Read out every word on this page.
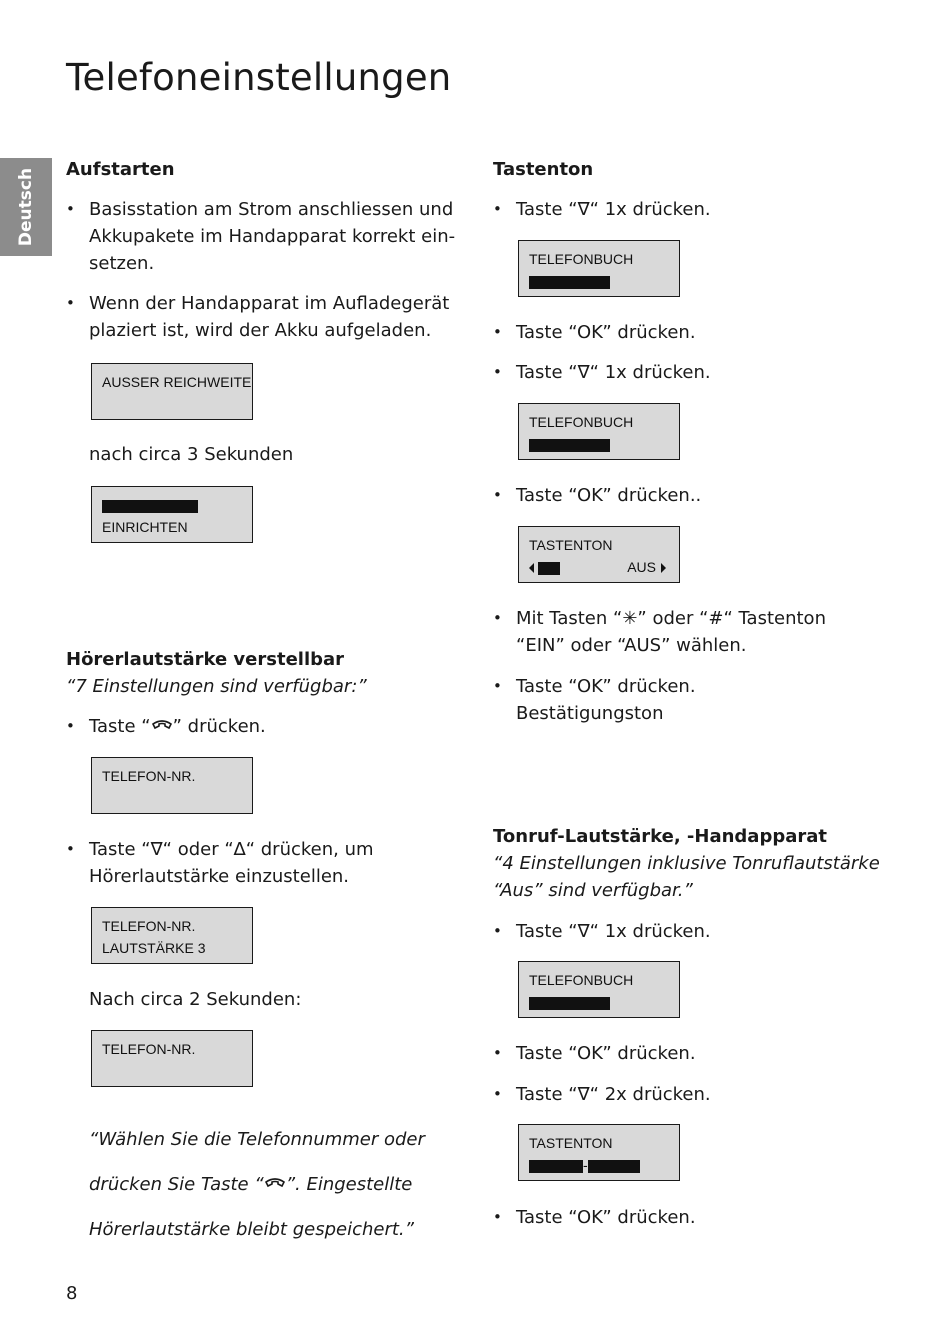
Telefoneinstellungen
Deutsch Aufstarten
• Basisstation am Strom anschliessen und
Akkupakete im Handapparat korrekt ein-
setzen.
• Wenn der Handapparat im Aufladegerät
plaziert ist, wird der Akku aufgeladen.
AUSSER REICHWEITE

nach circa 3 Sekunden

EINRICHTEN
Hörerlautstärke verstellbar

“7 Einstellungen sind verfügbar:”

• Taste “ ” drücken.
TELEFON-NR.
• Taste “∇“ oder “∆“ drücken, um
Hörerlautstärke einzustellen.
TELEFON-NR.
LAUTSTÄRKE 3

Nach circa 2 Sekunden:

TELEFON-NR.

“Wählen Sie die Telefonnummer oder

drücken Sie Taste “ ”. Eingestellte

Hörerlautstärke bleibt gespeichert.”

Tastenton
• Taste “∇“ 1x drücken.
TELEFONBUCH
• Taste “OK” drücken.
• Taste “∇“ 1x drücken.
TELEFONBUCH
• Taste “OK” drücken..
TASTENTON
AUS
• Mit Tasten “✳” oder “#“ Tastenton
“EIN” oder “AUS” wählen.
• Taste “OK” drücken.
Bestätigungston
Tonruf-Lautstärke, -Handapparat

“4 Einstellungen inklusive Tonruflautstärke

“Aus” sind verfügbar.”

• Taste “∇“ 1x drücken.
TELEFONBUCH
• Taste “OK” drücken.
• Taste “∇“ 2x drücken.
TASTENTON
-
• Taste “OK” drücken.
8
